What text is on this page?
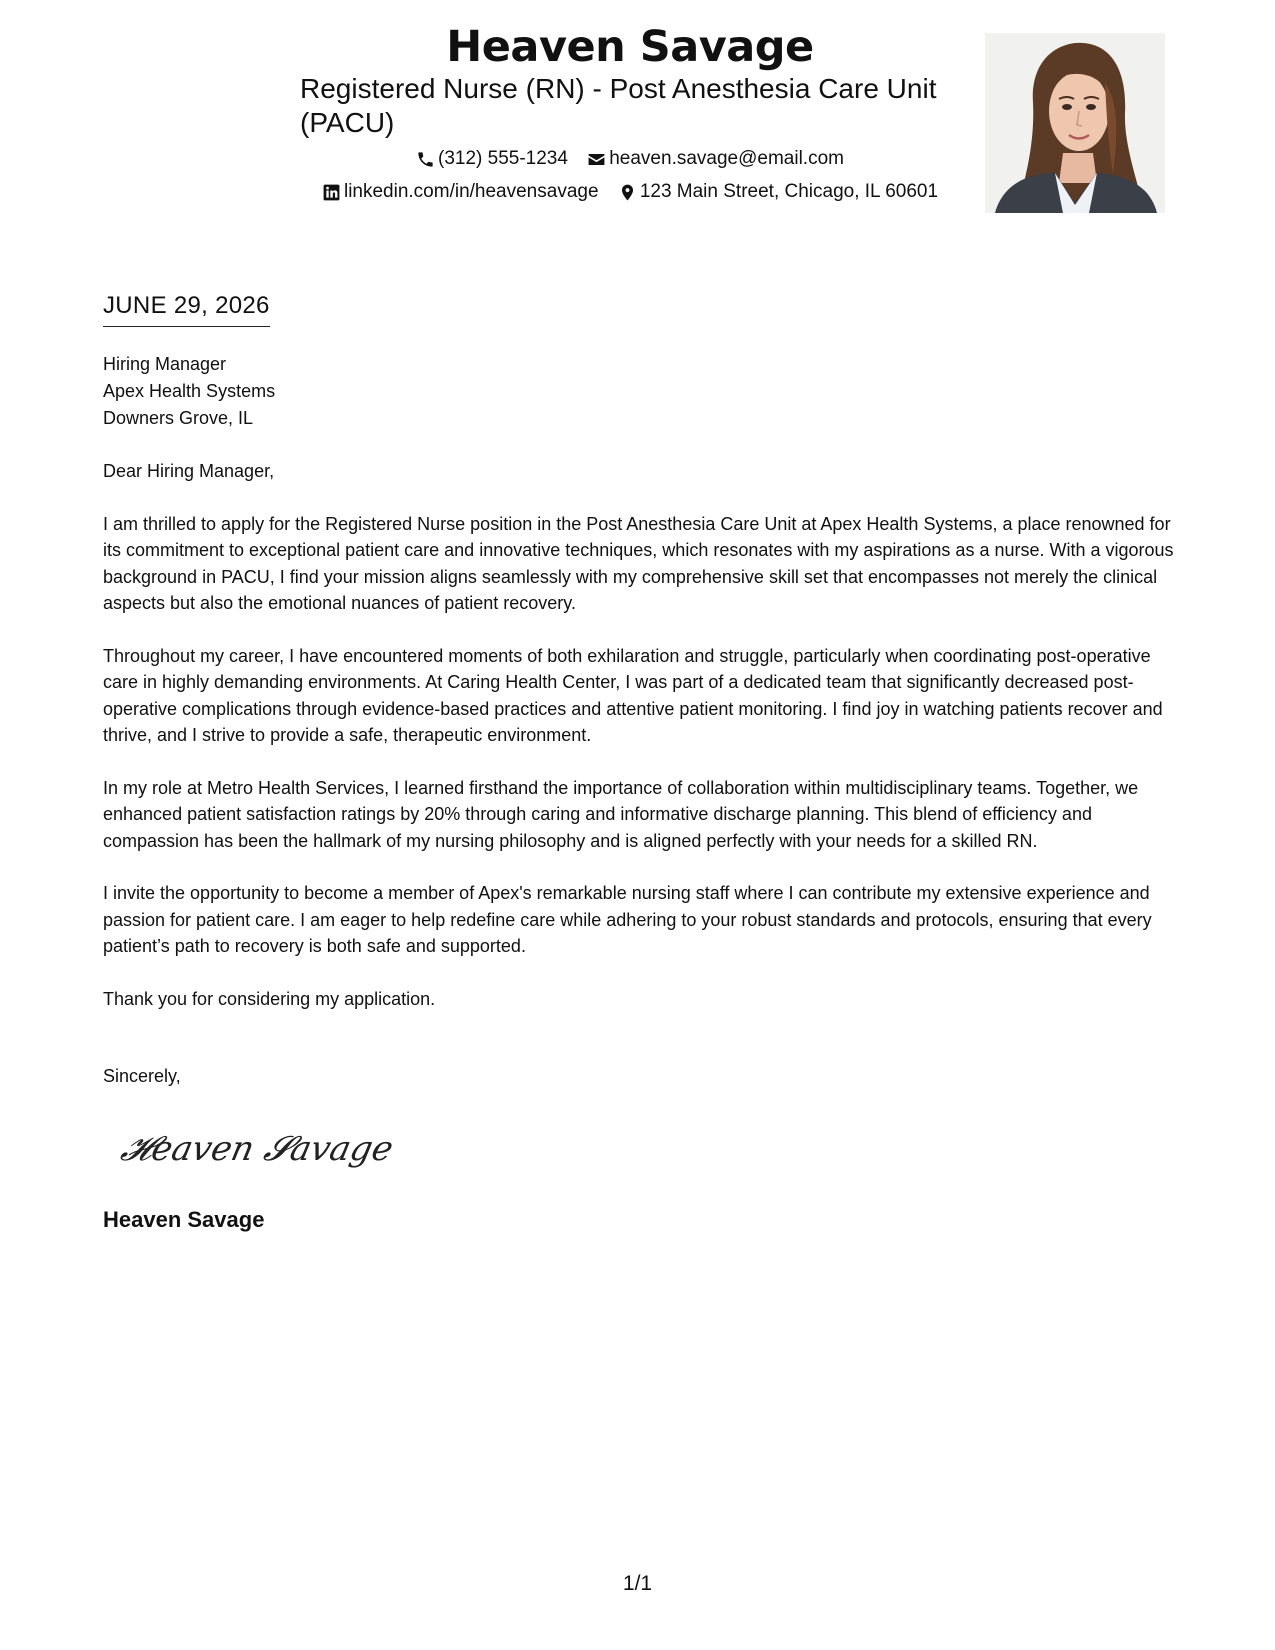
Heaven Savage
Registered Nurse (RN) - Post Anesthesia Care Unit (PACU)
(312) 555-1234
heaven.savage@email.com
linkedin.com/in/heavensavage
123 Main Street, Chicago, IL 60601
JUNE 29, 2026
Hiring Manager
Apex Health Systems
Downers Grove, IL

Dear Hiring Manager,

I am thrilled to apply for the Registered Nurse position in the Post Anesthesia Care Unit at Apex Health Systems, a place renowned for its commitment to exceptional patient care and innovative techniques, which resonates with my aspirations as a nurse. With a vigorous background in PACU, I find your mission aligns seamlessly with my comprehensive skill set that encompasses not merely the clinical aspects but also the emotional nuances of patient recovery.

Throughout my career, I have encountered moments of both exhilaration and struggle, particularly when coordinating post-operative care in highly demanding environments. At Caring Health Center, I was part of a dedicated team that significantly decreased post-operative complications through evidence-based practices and attentive patient monitoring. I find joy in watching patients recover and thrive, and I strive to provide a safe, therapeutic environment.

In my role at Metro Health Services, I learned firsthand the importance of collaboration within multidisciplinary teams. Together, we enhanced patient satisfaction ratings by 20% through caring and informative discharge planning. This blend of efficiency and compassion has been the hallmark of my nursing philosophy and is aligned perfectly with your needs for a skilled RN.

I invite the opportunity to become a member of Apex's remarkable nursing staff where I can contribute my extensive experience and passion for patient care. I am eager to help redefine care while adhering to your robust standards and protocols, ensuring that every patient’s path to recovery is both safe and supported.

Thank you for considering my application.

Sincerely,
𝓗eaven 𝓢avage
Heaven Savage
1/1
